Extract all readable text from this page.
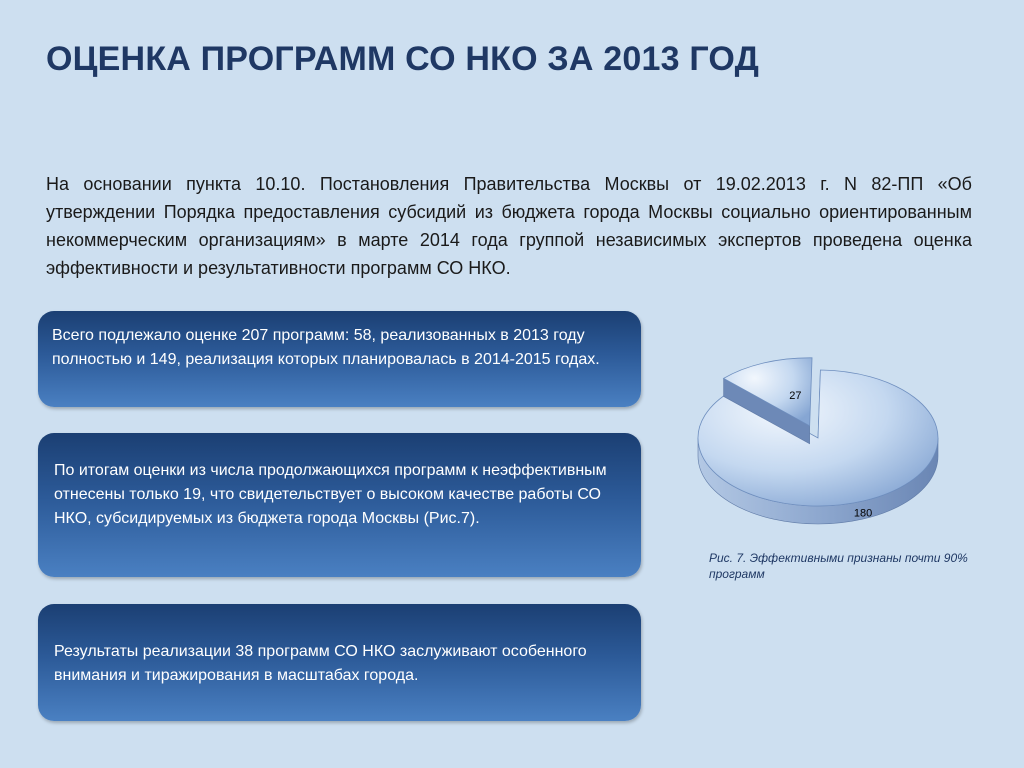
ОЦЕНКА ПРОГРАММ СО НКО ЗА 2013 ГОД
На основании пункта 10.10. Постановления Правительства Москвы от 19.02.2013 г. N 82-ПП «Об утверждении Порядка предоставления субсидий из бюджета города Москвы социально ориентированным некоммерческим организациям» в марте 2014 года группой независимых экспертов проведена оценка эффективности и результативности программ СО НКО.
Всего подлежало оценке 207 программ: 58, реализованных в 2013 году полностью и 149, реализация которых планировалась в 2014-2015 годах.
По итогам оценки из числа продолжающихся программ к неэффективным отнесены только 19, что свидетельствует о высоком качестве работы СО НКО, субсидируемых из бюджета города Москвы (Рис.7).
Результаты реализации 38 программ СО НКО заслуживают особенного внимания и тиражирования в масштабах города.
180
27
Рис. 7. Эффективными признаны почти 90% программ
